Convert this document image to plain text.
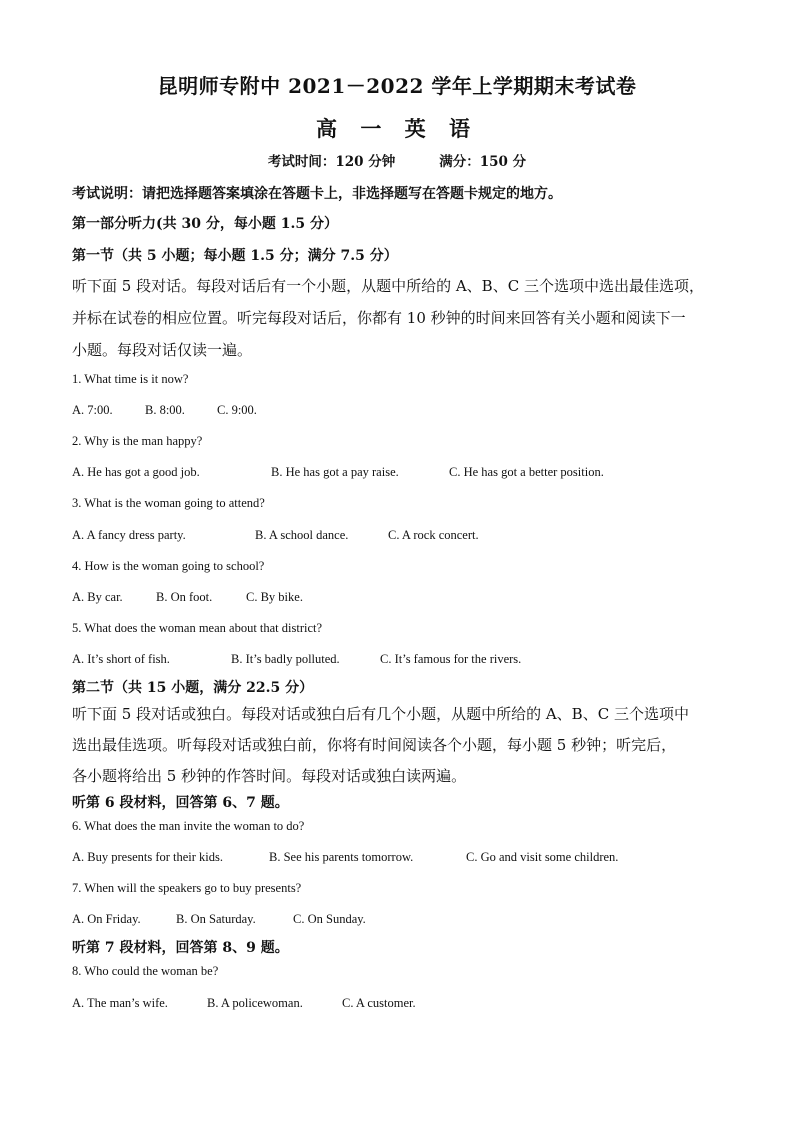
昆明师专附中 2021－2022 学年上学期期末考试卷
高 一 英 语
考试时间：120 分钟	满分：150 分
考试说明：请把选择题答案填涂在答题卡上，非选择题写在答题卡规定的地方。
第一部分听力(共 30 分，每小题 1.5 分）
第一节（共 5 小题；每小题 1.5 分；满分 7.5 分）
听下面 5 段对话。每段对话后有一个小题，从题中所给的 A、B、C 三个选项中选出最佳选项，
并标在试卷的相应位置。听完每段对话后，你都有 10 秒钟的时间来回答有关小题和阅读下一
小题。每段对话仅读一遍。
1. What time is it now?
A. 7:00.	B. 8:00.	C. 9:00.
2. Why is the man happy?
A. He has got a good job.	B. He has got a pay raise.	C. He has got a better position.
3. What is the woman going to attend?
A. A fancy dress party.	B. A school dance.	C. A rock concert.
4. How is the woman going to school?
A. By car.	B. On foot.	C. By bike.
5. What does the woman mean about that district?
A. It’s short of fish.	B. It’s badly polluted.	C. It’s famous for the rivers.
第二节（共 15 小题，满分 22.5 分）
听下面 5 段对话或独白。每段对话或独白后有几个小题，从题中所给的 A、B、C 三个选项中
选出最佳选项。听每段对话或独白前，你将有时间阅读各个小题，每小题 5 秒钟；听完后，
各小题将给出 5 秒钟的作答时间。每段对话或独白读两遍。
听第 6 段材料，回答第 6、7 题。
6. What does the man invite the woman to do?
A. Buy presents for their kids.	B. See his parents tomorrow.	C. Go and visit some children.
7. When will the speakers go to buy presents?
A. On Friday.	B. On Saturday.	C. On Sunday.
听第 7 段材料，回答第 8、9 题。
8. Who could the woman be?
A. The man’s wife.	B. A policewoman.	C. A customer.
